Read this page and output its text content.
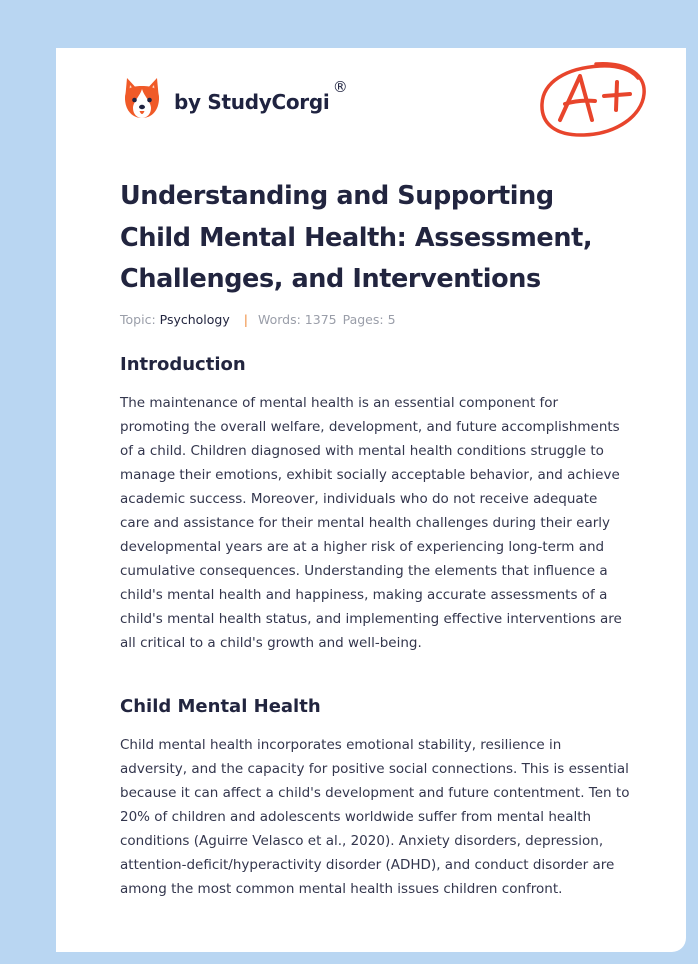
by StudyCorgi
®
Understanding and Supporting Child Mental Health: Assessment, Challenges, and Interventions
Topic: Psychology | Words: 1375 Pages: 5
Introduction

The maintenance of mental health is an essential component for promoting the overall welfare, development, and future accomplishments of a child. Children diagnosed with mental health conditions struggle to manage their emotions, exhibit socially acceptable behavior, and achieve academic success. Moreover, individuals who do not receive adequate care and assistance for their mental health challenges during their early developmental years are at a higher risk of experiencing long-term and cumulative consequences. Understanding the elements that influence a child's mental health and happiness, making accurate assessments of a child's mental health status, and implementing effective interventions are all critical to a child's growth and well-being.

Child Mental Health

Child mental health incorporates emotional stability, resilience in adversity, and the capacity for positive social connections. This is essential because it can affect a child's development and future contentment. Ten to 20% of children and adolescents worldwide suffer from mental health conditions (Aguirre Velasco et al., 2020). Anxiety disorders, depression, attention-deficit/hyperactivity disorder (ADHD), and conduct disorder are among the most common mental health issues children confront.
